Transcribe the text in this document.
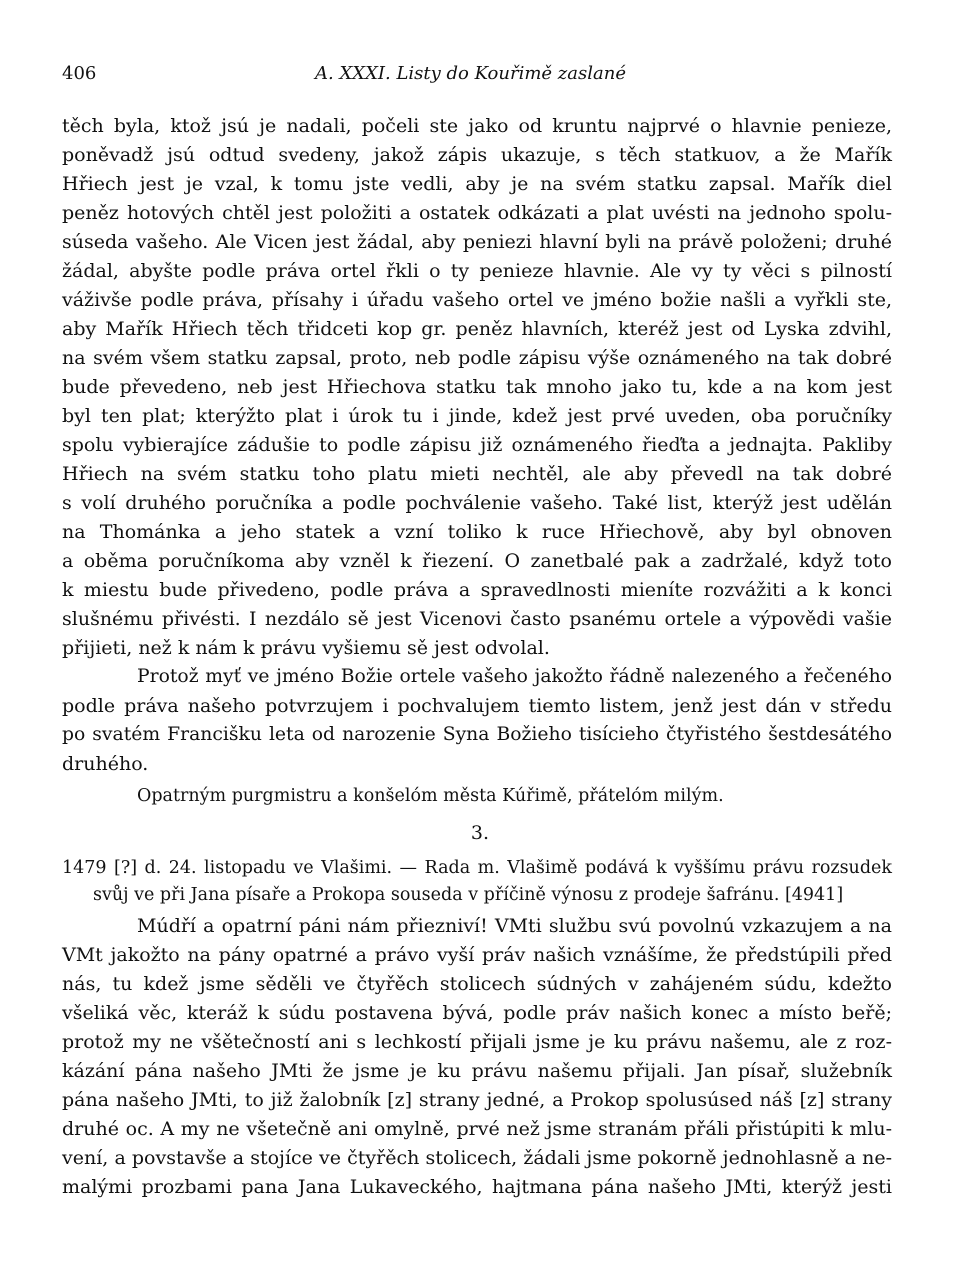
406	A. XXXI. Listy do Kouřimě zaslané
těch byla, ktož jsú je nadali, počeli ste jako od kruntu najprvé o hlavnie penieze,
poněvadž jsú odtud svedeny, jakož zápis ukazuje, s těch statkuov, a že Mařík
Hřiech jest je vzal, k tomu jste vedli, aby je na svém statku zapsal. Mařík diel
peněz hotových chtěl jest položiti a ostatek odkázati a plat uvésti na jednoho spolu-
súseda vašeho. Ale Vicen jest žádal, aby peniezi hlavní byli na právě položeni; druhé
žádal, abyšte podle práva ortel řkli o ty penieze hlavnie. Ale vy ty věci s pilností
váživše podle práva, přísahy i úřadu vašeho ortel ve jméno božie našli a vyřkli ste,
aby Mařík Hřiech těch třidceti kop gr. peněz hlavních, kteréž jest od Lyska zdvihl,
na svém všem statku zapsal, proto, neb podle zápisu výše oznámeného na tak dobré
bude převedeno, neb jest Hřiechova statku tak mnoho jako tu, kde a na kom jest
byl ten plat; kterýžto plat i úrok tu i jinde, kdež jest prvé uveden, oba poručníky
spolu vybierajíce zádušie to podle zápisu již oznámeného řieďta a jednajta. Pakliby
Hřiech na svém statku toho platu mieti nechtěl, ale aby převedl na tak dobré
s volí druhého poručníka a podle pochválenie vašeho. Také list, kterýž jest udělán
na Thománka a jeho statek a vzní toliko k ruce Hřiechově, aby byl obnoven
a oběma poručníkoma aby vzněl k řiezení. O zanetbalé pak a zadržalé, když toto
k miestu bude přivedeno, podle práva a spravedlnosti mieníte rozvážiti a k konci
slušnému přivésti. I nezdálo sě jest Vicenovi často psanému ortele a výpovědi vašie
přijieti, než k nám k právu vyšiemu sě jest odvolal.
Protož myť ve jméno Božie ortele vašeho jakožto řádně nalezeného a řečeného
podle práva našeho potvrzujem i pochvalujem tiemto listem, jenž jest dán v středu
po svatém Francišku leta od narozenie Syna Božieho tisícieho čtyřistého šestdesátého
druhého.
Opatrným purgmistru a konšelóm města Kúřimě, přátelóm milým.
3.
1479 [?] d. 24. listopadu ve Vlašimi. — Rada m. Vlašimě podává k vyššímu právu rozsudek
svůj ve při Jana písaře a Prokopa souseda v příčině výnosu z prodeje šafránu. [4941]
Múdří a opatrní páni nám přiezniví! VMti službu svú povolnú vzkazujem a na
VMt jakožto na pány opatrné a právo vyší práv našich vznášíme, že předstúpili před
nás, tu kdež jsme sěděli ve čtyřěch stolicech súdných v zahájeném súdu, kdežto
všeliká věc, kteráž k súdu postavena bývá, podle práv našich konec a místo beřě;
protož my ne všětečností ani s lechkostí přijali jsme je ku právu našemu, ale z roz-
kázání pána našeho JMti že jsme je ku právu našemu přijali. Jan písař, služebník
pána našeho JMti, to již žalobník [z] strany jedné, a Prokop spolusúsed náš [z] strany
druhé oc. A my ne všetečně ani omylně, prvé než jsme stranám přáli přistúpiti k mlu-
vení, a povstavše a stojíce ve čtyřěch stolicech, žádali jsme pokorně jednohlasně a ne-
malými prozbami pana Jana Lukaveckého, hajtmana pána našeho JMti, kterýž jesti
